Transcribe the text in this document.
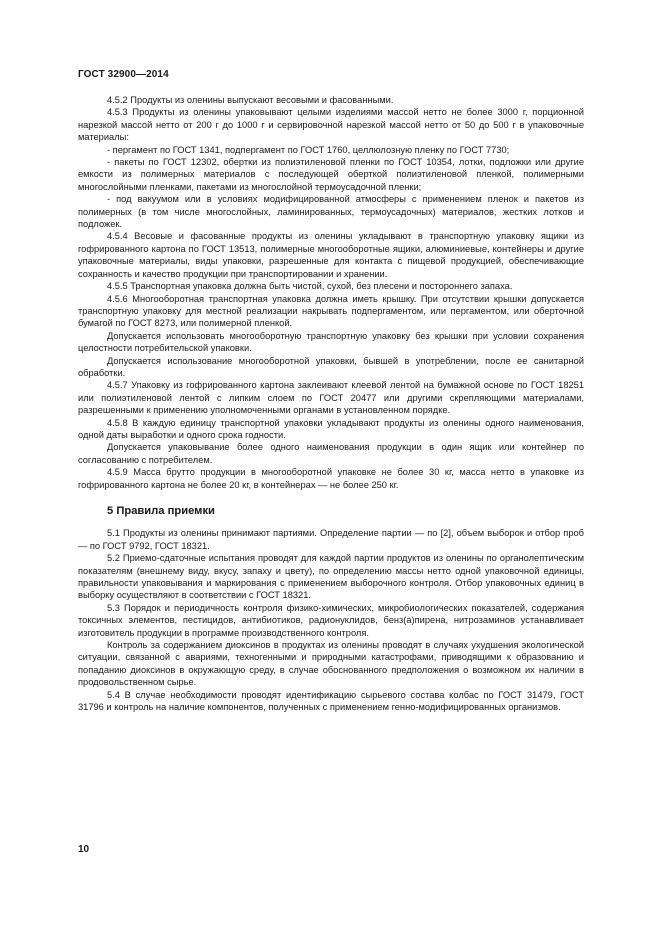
ГОСТ 32900—2014

4.5.2 Продукты из оленины выпускают весовыми и фасованными.

4.5.3 Продукты из оленины упаковывают целыми изделиями массой нетто не более 3000 г, порционной нарезкой массой нетто от 200 г до 1000 г и сервировочной нарезкой массой нетто от 50 до 500 г в упаковочные материалы:

- пергамент по ГОСТ 1341, подпергамент по ГОСТ 1760, целлюлозную пленку по ГОСТ 7730;

- пакеты по ГОСТ 12302, обертки из полиэтиленовой пленки по ГОСТ 10354, лотки, подложки или другие емкости из полимерных материалов с последующей оберткой полиэтиленовой пленкой, полимерными многослойными пленками, пакетами из многослойной термоусадочной пленки;

- под вакуумом или в условиях модифицированной атмосферы с применением пленок и пакетов из полимерных (в том числе многослойных, ламинированных, термоусадочных) материалов, жестких лотков и подложек.

4.5.4 Весовые и фасованные продукты из оленины укладывают в транспортную упаковку ящики из гофрированного картона по ГОСТ 13513, полимерные многооборотные ящики, алюминиевые, контейнеры и другие упаковочные материалы, виды упаковки, разрешенные для контакта с пищевой продукцией, обеспечивающие сохранность и качество продукции при транспортировании и хранении.

4.5.5 Транспортная упаковка должна быть чистой, сухой, без плесени и постороннего запаха.

4.5.6 Многооборотная транспортная упаковка должна иметь крышку. При отсутствии крышки допускается транспортную упаковку для местной реализации накрывать подпергаментом, или пергаментом, или оберточной бумагой по ГОСТ 8273, или полимерной пленкой.

Допускается использовать многооборотную транспортную упаковку без крышки при условии сохранения целостности потребительской упаковки.

Допускается использование многооборотной упаковки, бывшей в употреблении, после ее санитарной обработки.

4.5.7 Упаковку из гофрированного картона заклеивают клеевой лентой на бумажной основе по ГОСТ 18251 или полиэтиленовой лентой с липким слоем по ГОСТ 20477 или другими скрепляющими материалами, разрешенными к применению уполномоченными органами в установленном порядке.

4.5.8 В каждую единицу транспортной упаковки укладывают продукты из оленины одного наименования, одной даты выработки и одного срока годности.

Допускается упаковывание более одного наименования продукции в один ящик или контейнер по согласованию с потребителем.

4.5.9 Масса брутто продукции в многооборотной упаковке не более 30 кг, масса нетто в упаковке из гофрированного картона не более 20 кг, в контейнерах — не более 250 кг.

5 Правила приемки

5.1 Продукты из оленины принимают партиями. Определение партии — по [2], объем выборок и отбор проб — по ГОСТ 9792, ГОСТ 18321.

5.2 Приемо-сдаточные испытания проводят для каждой партии продуктов из оленины по органолептическим показателям (внешнему виду, вкусу, запаху и цвету), по определению массы нетто одной упаковочной единицы, правильности упаковывания и маркирования с применением выборочного контроля. Отбор упаковочных единиц в выборку осуществляют в соответствии с ГОСТ 18321.

5.3 Порядок и периодичность контроля физико-химических, микробиологических показателей, содержания токсичных элементов, пестицидов, антибиотиков, радионуклидов, бенз(а)пирена, нитрозаминов устанавливает изготовитель продукции в программе производственного контроля.

Контроль за содержанием диоксинов в продуктах из оленины проводят в случаях ухудшения экологической ситуации, связанной с авариями, техногенными и природными катастрофами, приводящими к образованию и попаданию диоксинов в окружающую среду, в случае обоснованного предположения о возможном их наличии в продовольственном сырье.

5.4 В случае необходимости проводят идентификацию сырьевого состава колбас по ГОСТ 31479, ГОСТ 31796 и контроль на наличие компонентов, полученных с применением генно-модифицированных организмов.

10
